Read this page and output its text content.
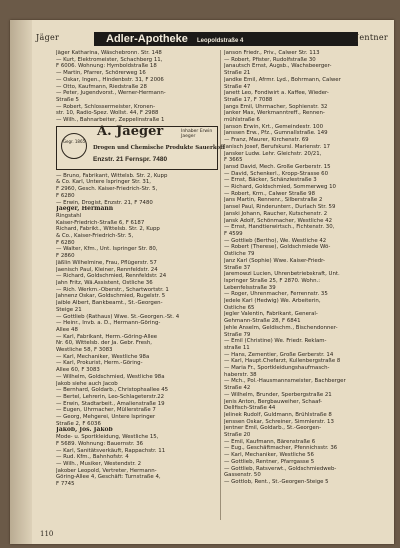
Jäger	Adler-Apotheke Leopoldstraße 4	Jentner
Jäger Katharina, Wäschebronn. Str. 148
— Kurt, Elektromeister, Schachberg 11,
F 6006. Wohnung: Hymboldstraße 18
— Martin, Pfarrer, Schörerweg 16
— Oskar, Ingen., Hindenbstr. 31, F 2006
— Otto, Kaufmann, Riedstraße 28
— Peter, Jugendvorst., Werner-Hermann-
Straße 5
— Robert, Schlossermeister, Kronen-
str. 10, Radio-Spez. Wollst. 44, F 2988
— Wilh., Bahnarbeiter, Zeppelinstraße 1
Gegr. 1865
A. Jaeger	Inhaber Erwin Jaeger
Drogen und Chemische Produkte Sauerkoff
Enzstr. 21 Fernspr. 7480
— Bruno, Fabrikant, Wittelsb. Str. 2, Kupp
& Co. Karl, Untere Ispringer Str. 31,
F 2960, Gesch. Kaiser-Friedrich-Str. 5,
F 6280
— Erwin, Drogist, Enzstr. 21, F 7480
Jaeger, Hermann
Ringstahl
Kaiser-Friedrich-Straße 6, F 6187
Richard, Fabrikt., Wittelsb. Str. 2, Kupp
& Co., Kaiser-Friedrich-Str. 5,
F 6280
— Walter, Kfm., Unt. Ispringer Str. 80,
F 2860
Jäßlin Wilhelmine, Frau, Pflügerstr. 57
Jaenisch Paul, Kleiner, Rennfeldstr. 24
— Richard, Goldschmied, Rennfeldstr. 24
Jahn Fritz, Wä.Assistent, Ostliche 36
— Rich. Werkm.-Oberstr., Schartwortstr. 1
Jahnenz Oskar, Goldschmied, Rugelstr. 5
Jaible Albert, Bankbeamt., St.-Georgen-
Steige 21
— Gottlieb (Rathaus) Wwe. St.-Georgen.-St. 4
— Heinr., Invb. a. D., Hermann-Göring-
Allee 48
— Karl, Fabrikant, Herm.-Göring-Allee
Nr. 60, Wittelsb. der Ja. Gebr. Fresh,
Westliche 58, F 3083
— Karl, Mechaniker, Westliche 98a
— Karl, Prokurist, Herm.-Göring-
Allee 60, F 3083
— Wilhelm, Goldschmied, Westliche 98a
Jakob siehe auch Jacob
— Bernhard, Goldarb., Christophsallee 45
— Bertel, Lehrerin, Leo-Schlageterstr.22
— Erwin, Stadtarbeit., Amalienstraße 19
— Eugen, Uhrmacher, Müllerstraße 7
— Georg, Mehgerei, Untere Ispringer
Straße 2, F 6036
Jakob, Jos. Jakob
Mode- u. Sportkleidung, Westliche 15,
F 5689. Wohnung: Bauernstr. 36
— Karl, Sanitätsverkäuft, Rappachstr. 11
— Rud. Kfm., Bahnhofstr. 4
— Wilh., Musiker, Westendstr. 2
Jakober Leopold, Vertreter, Hermann-
Göring-Allee 4, Geschäft: Turnstraße 4,
F 7745
Janson Friedr., Priv., Calwer Str. 113
— Robert, Pfister, Rudolfstraße 30
Janautsch Ernst, Augsb., Wachsbeerger-
Straße 21
Jandke Emil, Afrmr. Lyd., Bohrmann, Calwer
Straße 47
Janett Leo, Fondiwirt a. Kaffee, Wieder-
Straße 17, F 7088
Jangs Emil, Uhrmacher, Sophienstr. 32
Janker Max, Werkmanntreff., Rennen-
mühlstraße 6
Janson Erwin, Krt., Gemeindestr. 100
Janssen Erw., Pfz., Gumnallstraße. 149
— Franz, Maurer, Kirchenstr. 69
Janisch Josef, Berufskursl. Marienstr. 17
Jansker Ludw. Lehr. Gleichstr. 20/21,
F 3665
Jansd David, Mech. Große Gerberstr. 15
— David, Schenkerl., Kropp-Strasse 60
— Ernst, Bäcker, Schänzlestraße 3
— Richard, Goldschmied, Sommerweg 10
— Robert, Krm., Calwer Straße 98
Jans Martin, Rennenr., Silberstraße 2
Jansel Paul, Rinderunterr., Durlach Str. 59
Janski Johann, Raucher, Kutschenstr. 2
Jansk Adolf, Schönmacher, Westliche 42
— Ernst, Handtierwirtsch., Fichtenstr. 30,
F 4599
— Gottlieb (Bertho), We. Westliche 42
— Robert (Therese), Goldschmiede Wö-
Ostliche 79
Janz Karl (Sophie) Wwe. Kaiser-Friedr-
Straße 37
Jaremowzi Lucien, Uhrenbetriebskraft, Unt.
Ispringer Straße 25, F 2870. Wohn.:
Lebenfelsstraße 39
— Roger, Uhrenmacher, Ferrennstr. 35
Jedele Karl (Hedwig) We. Arbeiterin,
Ostliche 65
Jegler Valentin, Fabrikant, General-
Gehmann-Straße 28, F 6841
Jehle Anselm, Geldischm., Bischendonner-
Straße 79
— Emil (Christine) We. Friedr. Reklam-
straße 11
— Hans, Zementier, Große Gerberstr. 14
— Karl, Haupt.Chefarzt, Kullenbergstraße 8
— Maria Fr., Sportkleidungshaufmasch-
haberstr. 38
— Mch., Pol.-Hausmannsmeister, Bachberger
Straße 42
— Wilhelm, Brunder, Sperbergstraße 21
Jenis Anton, Bergbauweiher, Schaaf-
Dellfisch-Straße 44
Jelinek Rudolf, Guldmann, Brühlstraße 8
Jenssen Oskar, Schreiner, Simmlerstr. 13
Jentner Emil, Goldarb., St.-Georgen-
Straße 20
— Emil, Kaufmann, Bärenstraße 6
— Eug., Geschäftmacher, Pfennichsstr. 36
— Karl, Mechaniker, Westliche 56
— Gottlieb, Rentner, Pfarrgasse 5
— Gottlieb, Ratsverwt., Goldschmiedweb-
Gassenstr. 50
— Gottlob, Rent., St.-Georgen-Steige 5
110
